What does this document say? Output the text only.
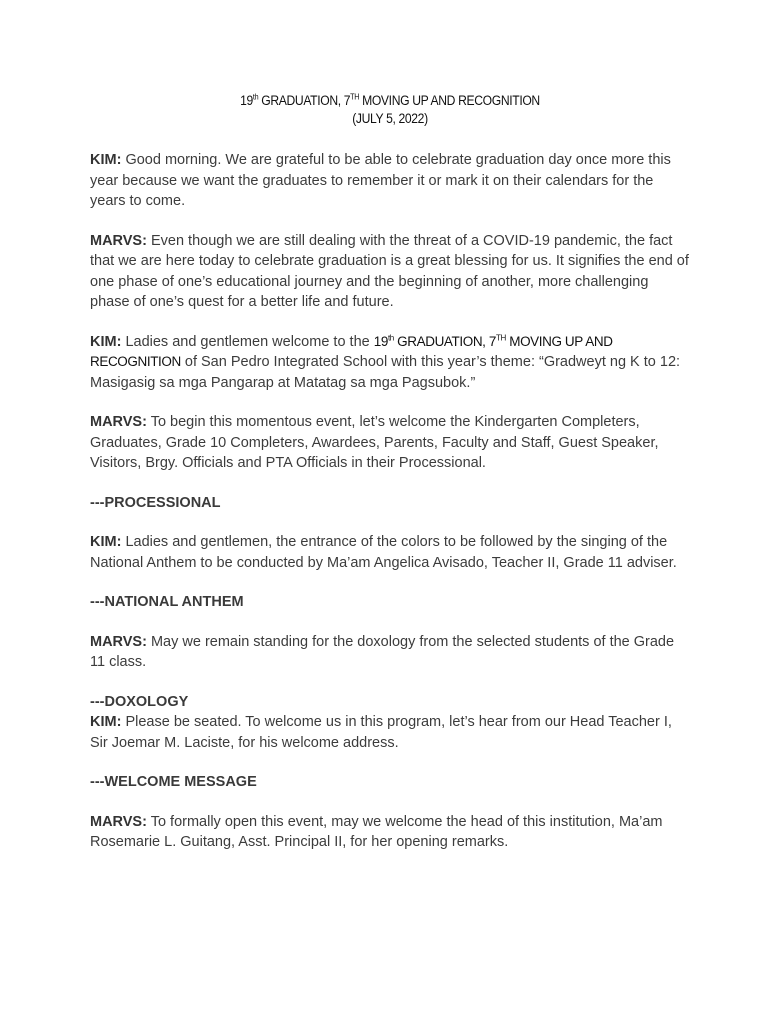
19th GRADUATION, 7TH MOVING UP AND RECOGNITION
(JULY 5, 2022)

KIM: Good morning. We are grateful to be able to celebrate graduation day once more this year because we want the graduates to remember it or mark it on their calendars for the years to come.

MARVS: Even though we are still dealing with the threat of a COVID-19 pandemic, the fact that we are here today to celebrate graduation is a great blessing for us. It signifies the end of one phase of one’s educational journey and the beginning of another, more challenging phase of one’s quest for a better life and future.

KIM: Ladies and gentlemen welcome to the 19th GRADUATION, 7TH MOVING UP AND RECOGNITION of San Pedro Integrated School with this year’s theme: “Gradweyt ng K to 12: Masigasig sa mga Pangarap at Matatag sa mga Pagsubok.”

MARVS: To begin this momentous event, let’s welcome the Kindergarten Completers, Graduates, Grade 10 Completers, Awardees, Parents, Faculty and Staff, Guest Speaker, Visitors, Brgy. Officials and PTA Officials in their Processional.

---PROCESSIONAL

KIM: Ladies and gentlemen, the entrance of the colors to be followed by the singing of the National Anthem to be conducted by Ma’am Angelica Avisado, Teacher II, Grade 11 adviser.

---NATIONAL ANTHEM

MARVS: May we remain standing for the doxology from the selected students of the Grade 11 class.

---DOXOLOGY

KIM: Please be seated. To welcome us in this program, let’s hear from our Head Teacher I, Sir Joemar M. Laciste, for his welcome address.

---WELCOME MESSAGE

MARVS: To formally open this event, may we welcome the head of this institution, Ma’am Rosemarie L. Guitang, Asst. Principal II, for her opening remarks.
